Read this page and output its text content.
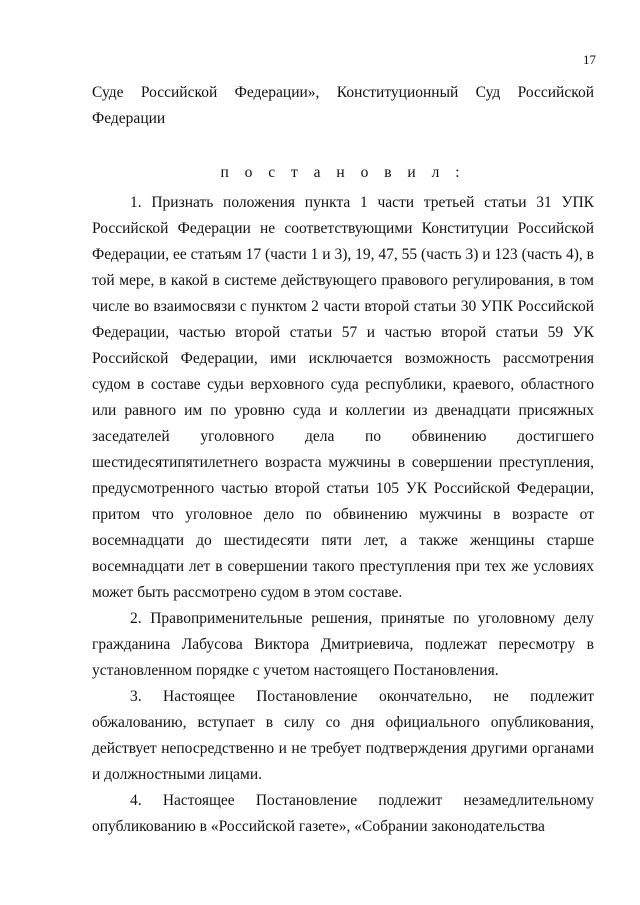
17

Суде Российской Федерации», Конституционный Суд Российской Федерации

п о с т а н о в и л :

1. Признать положения пункта 1 части третьей статьи 31 УПК Российской Федерации не соответствующими Конституции Российской Федерации, ее статьям 17 (части 1 и 3), 19, 47, 55 (часть 3) и 123 (часть 4), в той мере, в какой в системе действующего правового регулирования, в том числе во взаимосвязи с пунктом 2 части второй статьи 30 УПК Российской Федерации, частью второй статьи 57 и частью второй статьи 59 УК Российской Федерации, ими исключается возможность рассмотрения судом в составе судьи верховного суда республики, краевого, областного или равного им по уровню суда и коллегии из двенадцати присяжных заседателей уголовного дела по обвинению достигшего шестидесятипятилетнего возраста мужчины в совершении преступления, предусмотренного частью второй статьи 105 УК Российской Федерации, притом что уголовное дело по обвинению мужчины в возрасте от восемнадцати до шестидесяти пяти лет, а также женщины старше восемнадцати лет в совершении такого преступления при тех же условиях может быть рассмотрено судом в этом составе.

2. Правоприменительные решения, принятые по уголовному делу гражданина Лабусова Виктора Дмитриевича, подлежат пересмотру в установленном порядке с учетом настоящего Постановления.

3. Настоящее Постановление окончательно, не подлежит обжалованию, вступает в силу со дня официального опубликования, действует непосредственно и не требует подтверждения другими органами и должностными лицами.

4. Настоящее Постановление подлежит незамедлительному опубликованию в «Российской газете», «Собрании законодательства
